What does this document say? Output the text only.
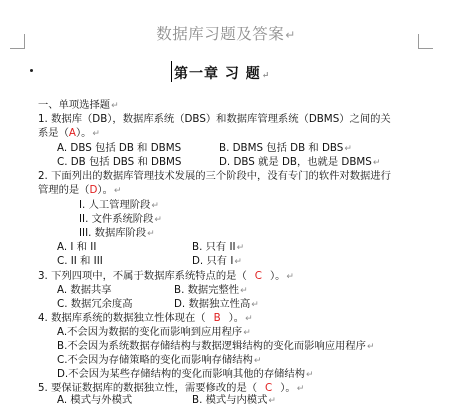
数据库习题及答案↵
第一章 习 题↵
一、单项选择题↵
1. 数据库（DB），数据库系统（DBS）和数据库管理系统（DBMS）之间的关
系是（A）。↵
A. DBS 包括 DB 和 DBMS	B. DBMS 包括 DB 和 DBS↵
C. DB 包括 DBS 和 DBMS	D. DBS 就是 DB，也就是 DBMS↵
2. 下面列出的数据库管理技术发展的三个阶段中，没有专门的软件对数据进行
管理的是（D）。↵
I. 人工管理阶段↵
II. 文件系统阶段↵
III. 数据库阶段↵
A. I 和 II	B. 只有 II↵
C. II 和 III	D. 只有 I↵
3. 下列四项中，不属于数据库系统特点的是（ C ）。↵
A. 数据共享	B. 数据完整性↵
C. 数据冗余度高	D. 数据独立性高↵
4. 数据库系统的数据独立性体现在（ B ）。↵
A.不会因为数据的变化而影响到应用程序↵
B.不会因为系统数据存储结构与数据逻辑结构的变化而影响应用程序↵
C.不会因为存储策略的变化而影响存储结构↵
D.不会因为某些存储结构的变化而影响其他的存储结构↵
5. 要保证数据库的数据独立性，需要修改的是（ C ）。↵
A. 模式与外模式	B. 模式与内模式↵
